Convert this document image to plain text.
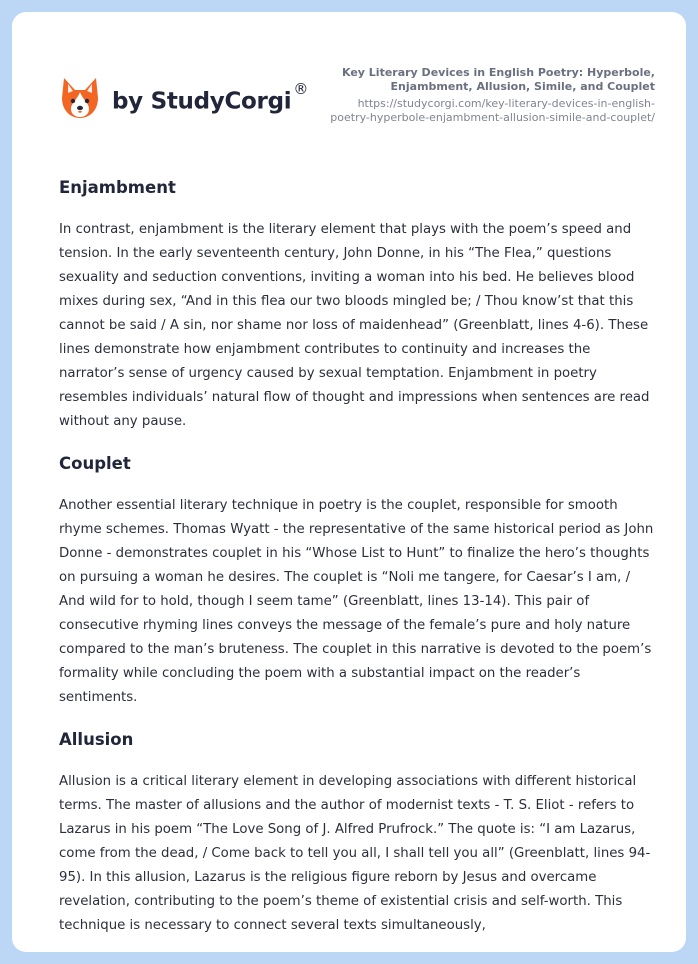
by StudyCorgi ®
Key Literary Devices in English Poetry: Hyperbole, Enjambment, Allusion, Simile, and Couplet
https://studycorgi.com/key-literary-devices-in-english-poetry-hyperbole-enjambment-allusion-simile-and-couplet/
Enjambment

In contrast, enjambment is the literary element that plays with the poem’s speed and tension. In the early seventeenth century, John Donne, in his “The Flea,” questions sexuality and seduction conventions, inviting a woman into his bed. He believes blood mixes during sex, “And in this flea our two bloods mingled be; / Thou know’st that this cannot be said / A sin, nor shame nor loss of maidenhead” (Greenblatt, lines 4-6). These lines demonstrate how enjambment contributes to continuity and increases the narrator’s sense of urgency caused by sexual temptation. Enjambment in poetry resembles individuals’ natural flow of thought and impressions when sentences are read without any pause.

Couplet

Another essential literary technique in poetry is the couplet, responsible for smooth rhyme schemes. Thomas Wyatt - the representative of the same historical period as John Donne - demonstrates couplet in his “Whose List to Hunt” to finalize the hero’s thoughts on pursuing a woman he desires. The couplet is “Noli me tangere, for Caesar’s I am, / And wild for to hold, though I seem tame” (Greenblatt, lines 13-14). This pair of consecutive rhyming lines conveys the message of the female’s pure and holy nature compared to the man’s bruteness. The couplet in this narrative is devoted to the poem’s formality while concluding the poem with a substantial impact on the reader’s sentiments.

Allusion

Allusion is a critical literary element in developing associations with different historical terms. The master of allusions and the author of modernist texts - T. S. Eliot - refers to Lazarus in his poem “The Love Song of J. Alfred Prufrock.” The quote is: “I am Lazarus, come from the dead, / Come back to tell you all, I shall tell you all” (Greenblatt, lines 94-95). In this allusion, Lazarus is the religious figure reborn by Jesus and overcame revelation, contributing to the poem’s theme of existential crisis and self-worth. This technique is necessary to connect several texts simultaneously,
